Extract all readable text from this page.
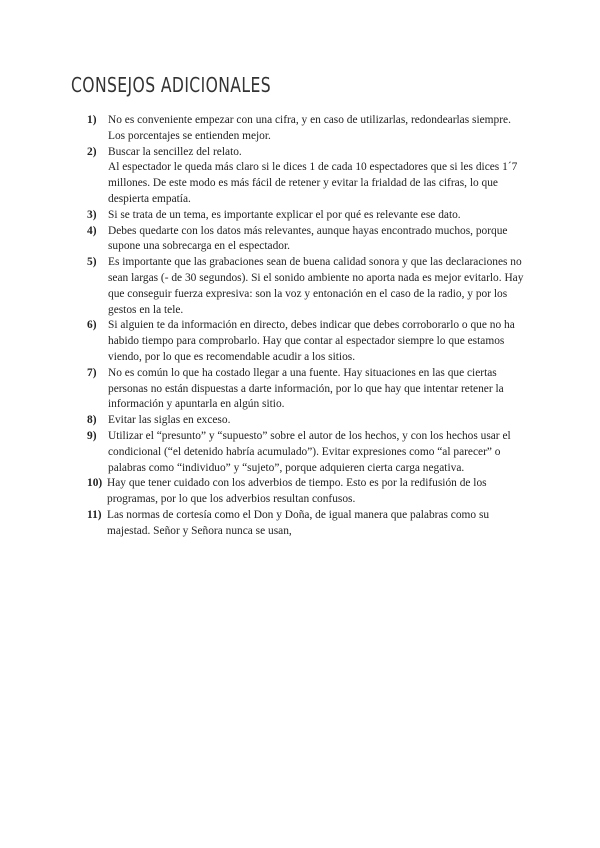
CONSEJOS ADICIONALES
1)	No es conveniente empezar con una cifra, y en caso de utilizarlas, redondearlas siempre. Los porcentajes se entienden mejor.

2)	Buscar la sencillez del relato.

Al espectador le queda más claro si le dices 1 de cada 10 espectadores que si les dices 1´7 millones. De este modo es más fácil de retener y evitar la frialdad de las cifras, lo que despierta empatía.

3)	Si se trata de un tema, es importante explicar el por qué es relevante ese dato.

4)	Debes quedarte con los datos más relevantes, aunque hayas encontrado muchos, porque supone una sobrecarga en el espectador.

5)	Es importante que las grabaciones sean de buena calidad sonora y que las declaraciones no sean largas (- de 30 segundos). Si el sonido ambiente no aporta nada es mejor evitarlo. Hay que conseguir fuerza expresiva: son la voz y entonación en el caso de la radio, y por los gestos en la tele.

6)	Si alguien te da información en directo, debes indicar que debes corroborarlo o que no ha habido tiempo para comprobarlo. Hay que contar al espectador siempre lo que estamos viendo, por lo que es recomendable acudir a los sitios.

7)	No es común lo que ha costado llegar a una fuente. Hay situaciones en las que ciertas personas no están dispuestas a darte información, por lo que hay que intentar retener la información y apuntarla en algún sitio.

8)	Evitar las siglas en exceso.

9)	Utilizar el “presunto” y “supuesto” sobre el autor de los hechos, y con los hechos usar el condicional (“el detenido habría acumulado”). Evitar expresiones como “al parecer” o palabras como “individuo” y “sujeto”, porque adquieren cierta carga negativa.

10) Hay que tener cuidado con los adverbios de tiempo. Esto es por la redifusión de los programas, por lo que los adverbios resultan confusos.

11) Las normas de cortesía como el Don y Doña, de igual manera que palabras como su majestad. Señor y Señora nunca se usan,
